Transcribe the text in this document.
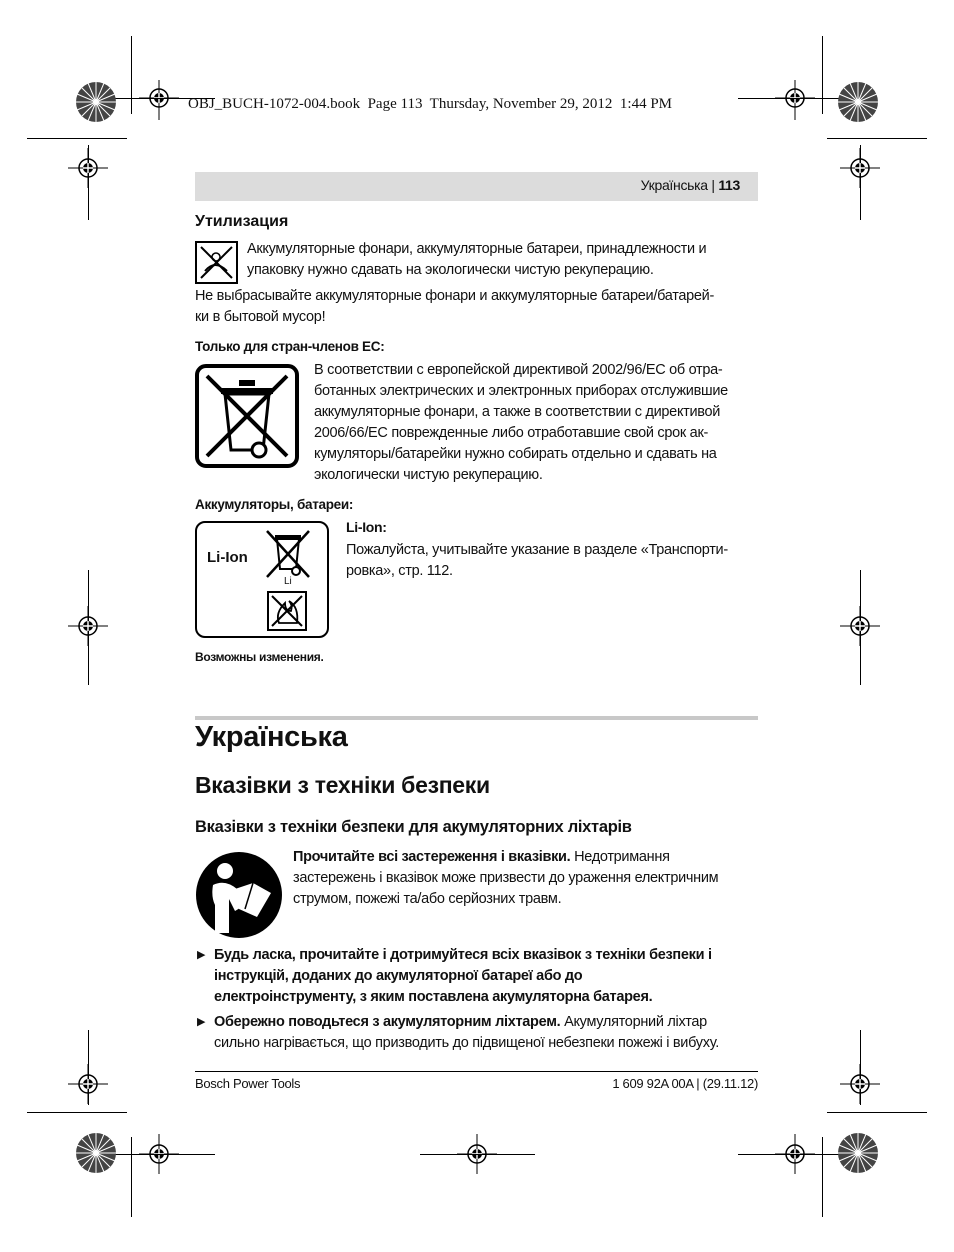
OBJ_BUCH-1072-004.book  Page 113  Thursday, November 29, 2012  1:44 PM
Українська | 113
Утилизация
Аккумуляторные фонари, аккумуляторные батареи, принадлежности и
упаковку нужно сдавать на экологически чистую рекуперацию.
Не выбрасывайте аккумуляторные фонари и аккумуляторные батареи/батарей-
ки в бытовой мусор!
Только для стран-членов ЕС:
В соответствии с европейской директивой 2002/96/ЕС об отра-
ботанных электрических и электронных приборах отслужившие
аккумуляторные фонари, а также в соответствии с директивой
2006/66/ЕС поврежденные либо отработавшие свой срок ак-
кумуляторы/батарейки нужно собирать отдельно и сдавать на
экологически чистую рекуперацию.
Аккумуляторы, батареи:
Li-Ion
Li
Li-Ion:
Пожалуйста, учитывайте указание в разделе «Транспорти-
ровка», стр. 112.
Возможны изменения.
Українська
Вказівки з техніки безпеки
Вказівки з техніки безпеки для акумуляторних ліхтарів
Прочитайте всі застереження і вказівки. Недотримання
застережень і вказівок може призвести до ураження електричним
струмом, пожежі та/або серйозних травм.
▶ Будь ласка, прочитайте і дотримуйтеся всіх вказівок з техніки безпеки і
інструкцій, доданих до акумуляторної батареї або до
електроінструменту, з яким поставлена акумуляторна батарея.
▶ Обережно поводьтеся з акумуляторним ліхтарем. Акумуляторний ліхтар
сильно нагрівається, що призводить до підвищеної небезпеки пожежі і вибуху.
Bosch Power Tools	1 609 92A 00A | (29.11.12)
